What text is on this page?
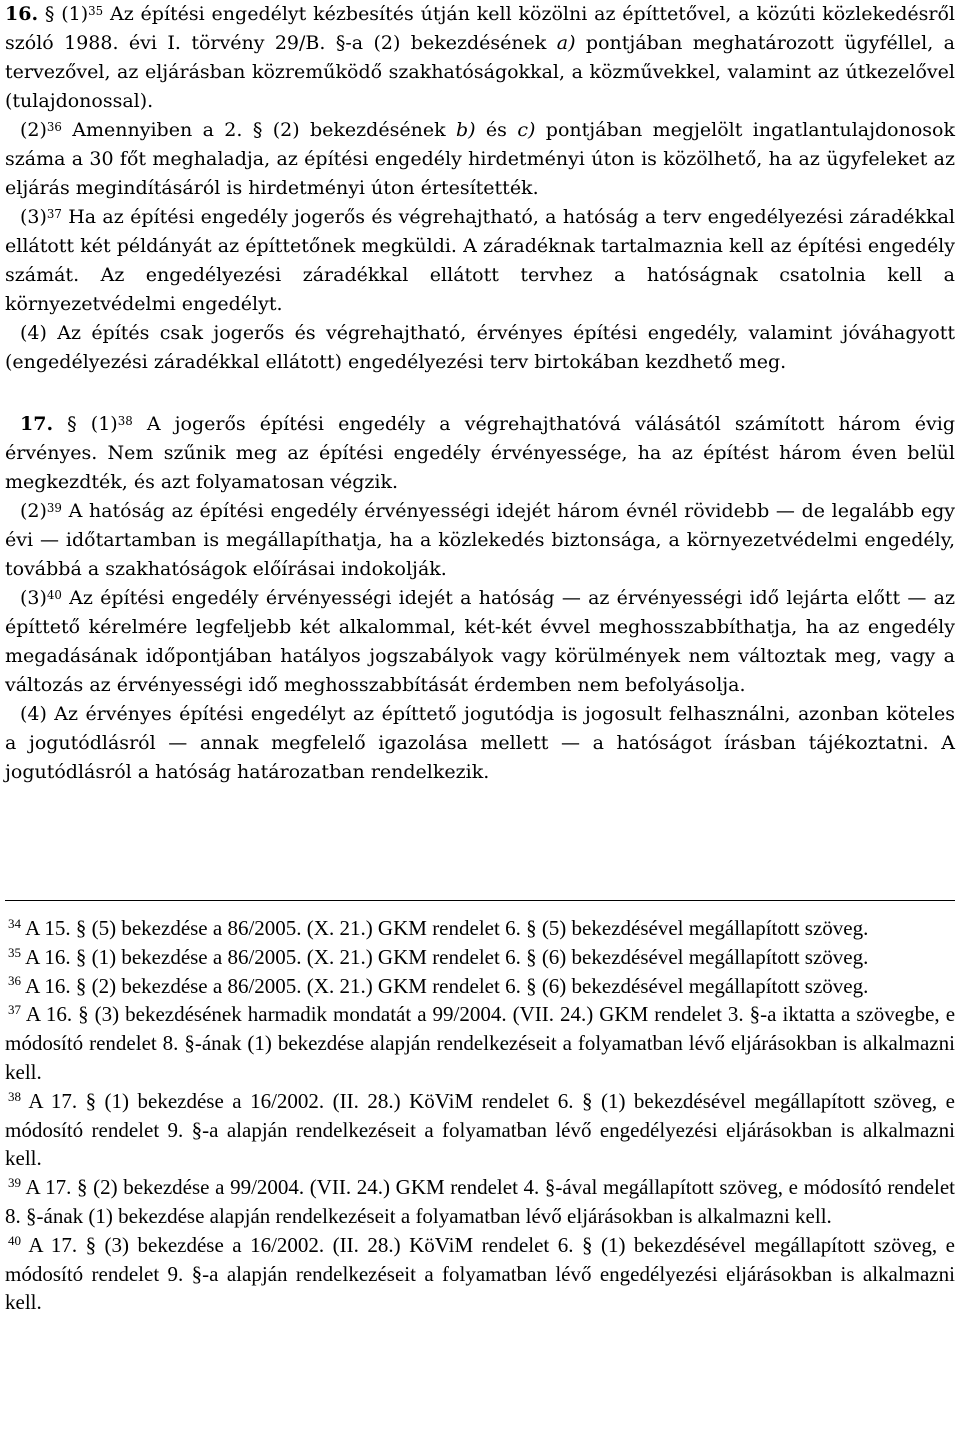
16. § (1)$^{35}$ Az építési engedélyt kézbesítés útján kell közölni az építtetővel, a közúti közlekedésről szóló 1988. évi I. törvény 29/B. §-a (2) bekezdésének a) pontjában meghatározott ügyféllel, a tervezővel, az eljárásban közreműködő szakhatóságokkal, a közművekkel, valamint az útkezelővel (tulajdonossal).

(2)$^{36}$ Amennyiben a 2. § (2) bekezdésének b) és c) pontjában megjelölt ingatlantulajdonosok száma a 30 főt meghaladja, az építési engedély hirdetményi úton is közölhető, ha az ügyfeleket az eljárás megindításáról is hirdetményi úton értesítették.

(3)$^{37}$ Ha az építési engedély jogerős és végrehajtható, a hatóság a terv engedélyezési záradékkal ellátott két példányát az építtetőnek megküldi. A záradéknak tartalmaznia kell az építési engedély számát. Az engedélyezési záradékkal ellátott tervhez a hatóságnak csatolnia kell a környezetvédelmi engedélyt.

(4) Az építés csak jogerős és végrehajtható, érvényes építési engedély, valamint jóváhagyott (engedélyezési záradékkal ellátott) engedélyezési terv birtokában kezdhető meg.

17. § (1)$^{38}$ A jogerős építési engedély a végrehajthatóvá válásától számított három évig érvényes. Nem szűnik meg az építési engedély érvényessége, ha az építést három éven belül megkezdték, és azt folyamatosan végzik.

(2)$^{39}$ A hatóság az építési engedély érvényességi idejét három évnél rövidebb — de legalább egy évi — időtartamban is megállapíthatja, ha a közlekedés biztonsága, a környezetvédelmi engedély, továbbá a szakhatóságok előírásai indokolják.

(3)$^{40}$ Az építési engedély érvényességi idejét a hatóság — az érvényességi idő lejárta előtt — az építtető kérelmére legfeljebb két alkalommal, két-két évvel meghosszabbíthatja, ha az engedély megadásának időpontjában hatályos jogszabályok vagy körülmények nem változtak meg, vagy a változás az érvényességi idő meghosszabbítását érdemben nem befolyásolja.

(4) Az érvényes építési engedélyt az építtető jogutódja is jogosult felhasználni, azonban köteles a jogutódlásról — annak megfelelő igazolása mellett — a hatóságot írásban tájékoztatni. A jogutódlásról a hatóság határozatban rendelkezik.

$^{34}$ A 15. § (5) bekezdése a 86/2005. (X. 21.) GKM rendelet 6. § (5) bekezdésével megállapított szöveg.

$^{35}$ A 16. § (1) bekezdése a 86/2005. (X. 21.) GKM rendelet 6. § (6) bekezdésével megállapított szöveg.

$^{36}$ A 16. § (2) bekezdése a 86/2005. (X. 21.) GKM rendelet 6. § (6) bekezdésével megállapított szöveg.

$^{37}$ A 16. § (3) bekezdésének harmadik mondatát a 99/2004. (VII. 24.) GKM rendelet 3. §-a iktatta a szövegbe, e módosító rendelet 8. §-ának (1) bekezdése alapján rendelkezéseit a folyamatban lévő eljárásokban is alkalmazni kell.

$^{38}$ A 17. § (1) bekezdése a 16/2002. (II. 28.) KöViM rendelet 6. § (1) bekezdésével megállapított szöveg, e módosító rendelet 9. §-a alapján rendelkezéseit a folyamatban lévő engedélyezési eljárásokban is alkalmazni kell.

$^{39}$ A 17. § (2) bekezdése a 99/2004. (VII. 24.) GKM rendelet 4. §-ával megállapított szöveg, e módosító rendelet 8. §-ának (1) bekezdése alapján rendelkezéseit a folyamatban lévő eljárásokban is alkalmazni kell.

$^{40}$ A 17. § (3) bekezdése a 16/2002. (II. 28.) KöViM rendelet 6. § (1) bekezdésével megállapított szöveg, e módosító rendelet 9. §-a alapján rendelkezéseit a folyamatban lévő engedélyezési eljárásokban is alkalmazni kell.
